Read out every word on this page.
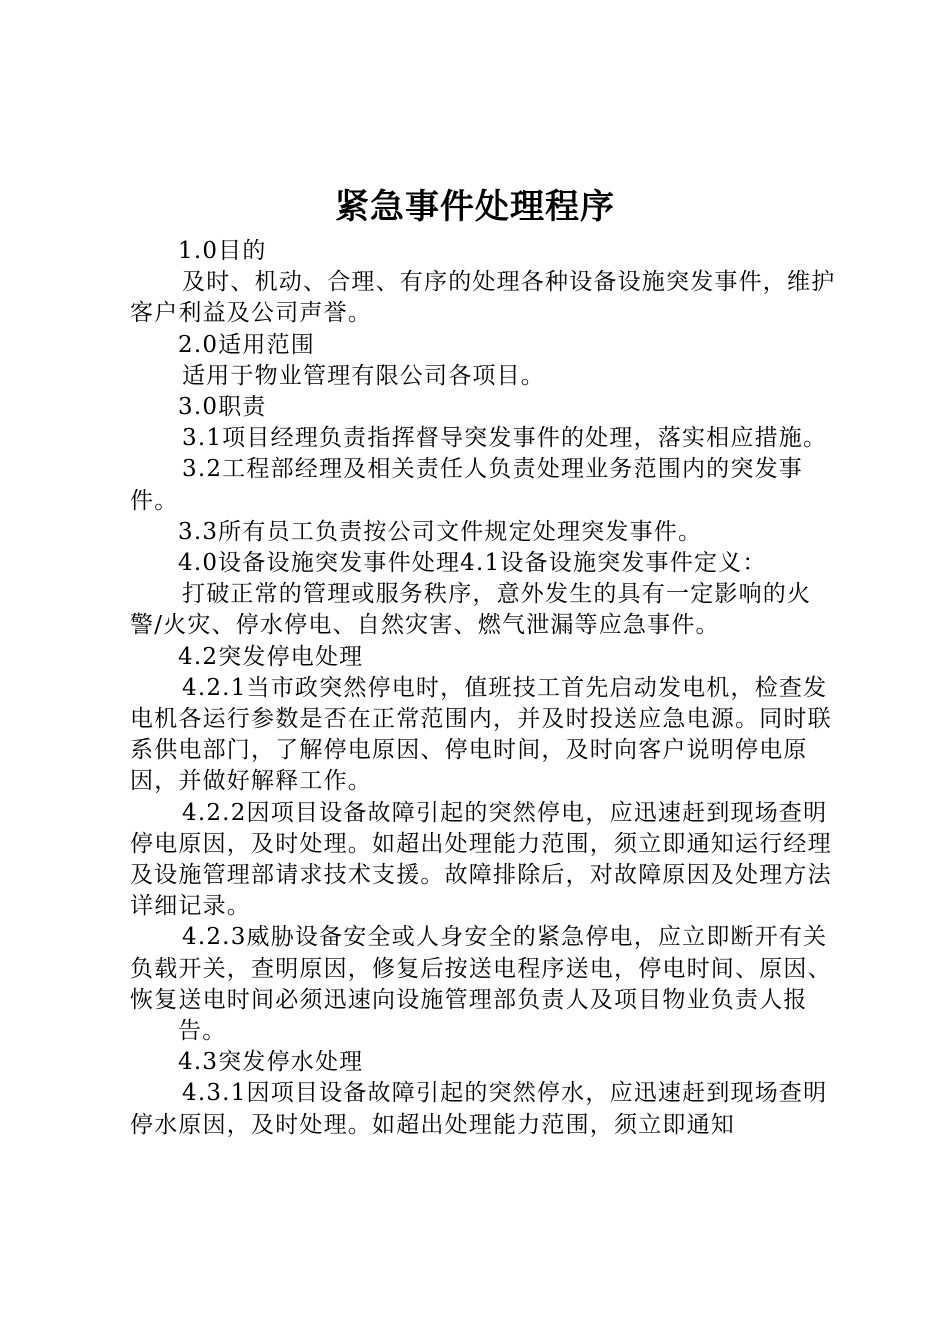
紧急事件处理程序

1.0目的

及时、机动、合理、有序的处理各种设备设施突发事件，维护客户利益及公司声誉。

2.0适用范围

适用于物业管理有限公司各项目。

3.0职责

3.1项目经理负责指挥督导突发事件的处理，落实相应措施。

3.2工程部经理及相关责任人负责处理业务范围内的突发事件。

3.3所有员工负责按公司文件规定处理突发事件。

4.0设备设施突发事件处理4.1设备设施突发事件定义：

打破正常的管理或服务秩序，意外发生的具有一定影响的火警/火灾、停水停电、自然灾害、燃气泄漏等应急事件。

4.2突发停电处理

4.2.1当市政突然停电时，值班技工首先启动发电机，检查发电机各运行参数是否在正常范围内，并及时投送应急电源。同时联系供电部门，了解停电原因、停电时间，及时向客户说明停电原因，并做好解释工作。

4.2.2因项目设备故障引起的突然停电，应迅速赶到现场查明停电原因，及时处理。如超出处理能力范围，须立即通知运行经理及设施管理部请求技术支援。故障排除后，对故障原因及处理方法详细记录。

4.2.3威胁设备安全或人身安全的紧急停电，应立即断开有关负载开关，查明原因，修复后按送电程序送电，停电时间、原因、恢复送电时间必须迅速向设施管理部负责人及项目物业负责人报

告。

4.3突发停水处理

4.3.1因项目设备故障引起的突然停水，应迅速赶到现场查明停水原因，及时处理。如超出处理能力范围，须立即通知
